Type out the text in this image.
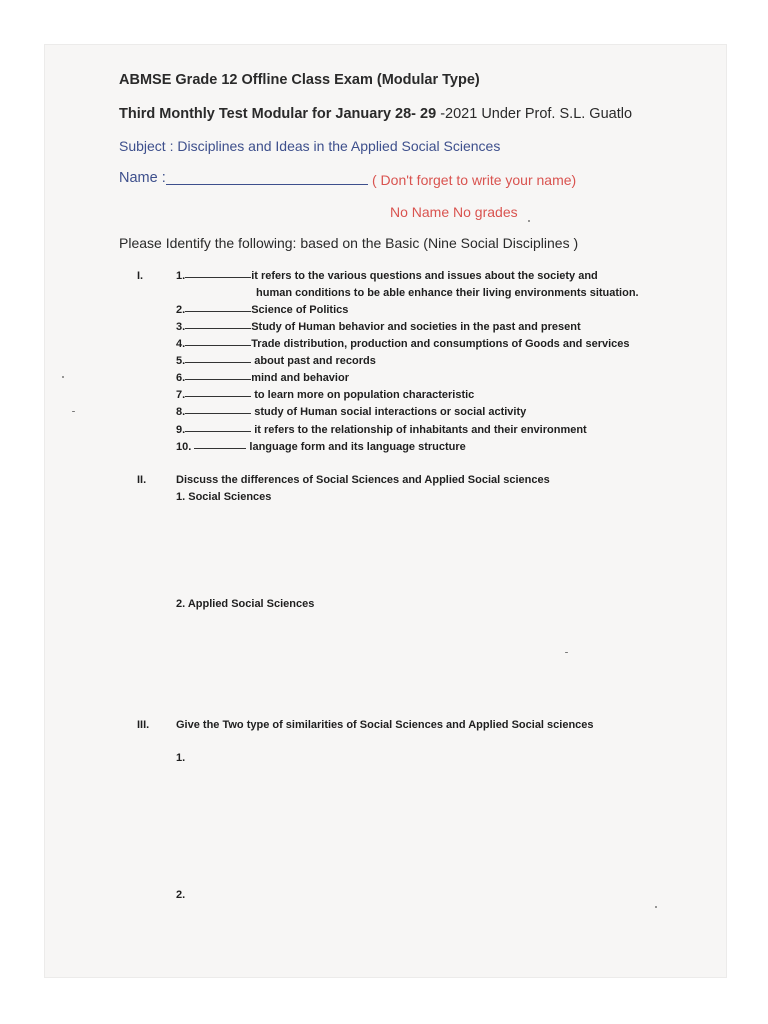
ABMSE Grade 12 Offline Class Exam (Modular Type)
Third Monthly Test Modular for January 28- 29 -2021 Under Prof. S.L. Guatlo
Subject : Disciplines and Ideas in the Applied Social Sciences
Name :	( Don't forget to write your name)
No Name No grades
Please Identify the following: based on the Basic (Nine Social Disciplines )
I.	1.	it refers to the various questions and issues about the society and
human conditions to be able enhance their living environments situation.
2.	Science of Politics
3.	Study of Human behavior and societies in the past and present
4.	Trade distribution, production and consumptions of Goods and services
5.	about past and records
6.	mind and behavior
7.	to learn more on population characteristic
8.	study of Human social interactions or social activity
9.	it refers to the relationship of inhabitants and their environment
10.	language form and its language structure
II.	Discuss the differences of Social Sciences and Applied Social sciences
1. Social Sciences
2. Applied Social Sciences
III. Give the Two type of similarities of Social Sciences and Applied Social sciences
1.
2.
